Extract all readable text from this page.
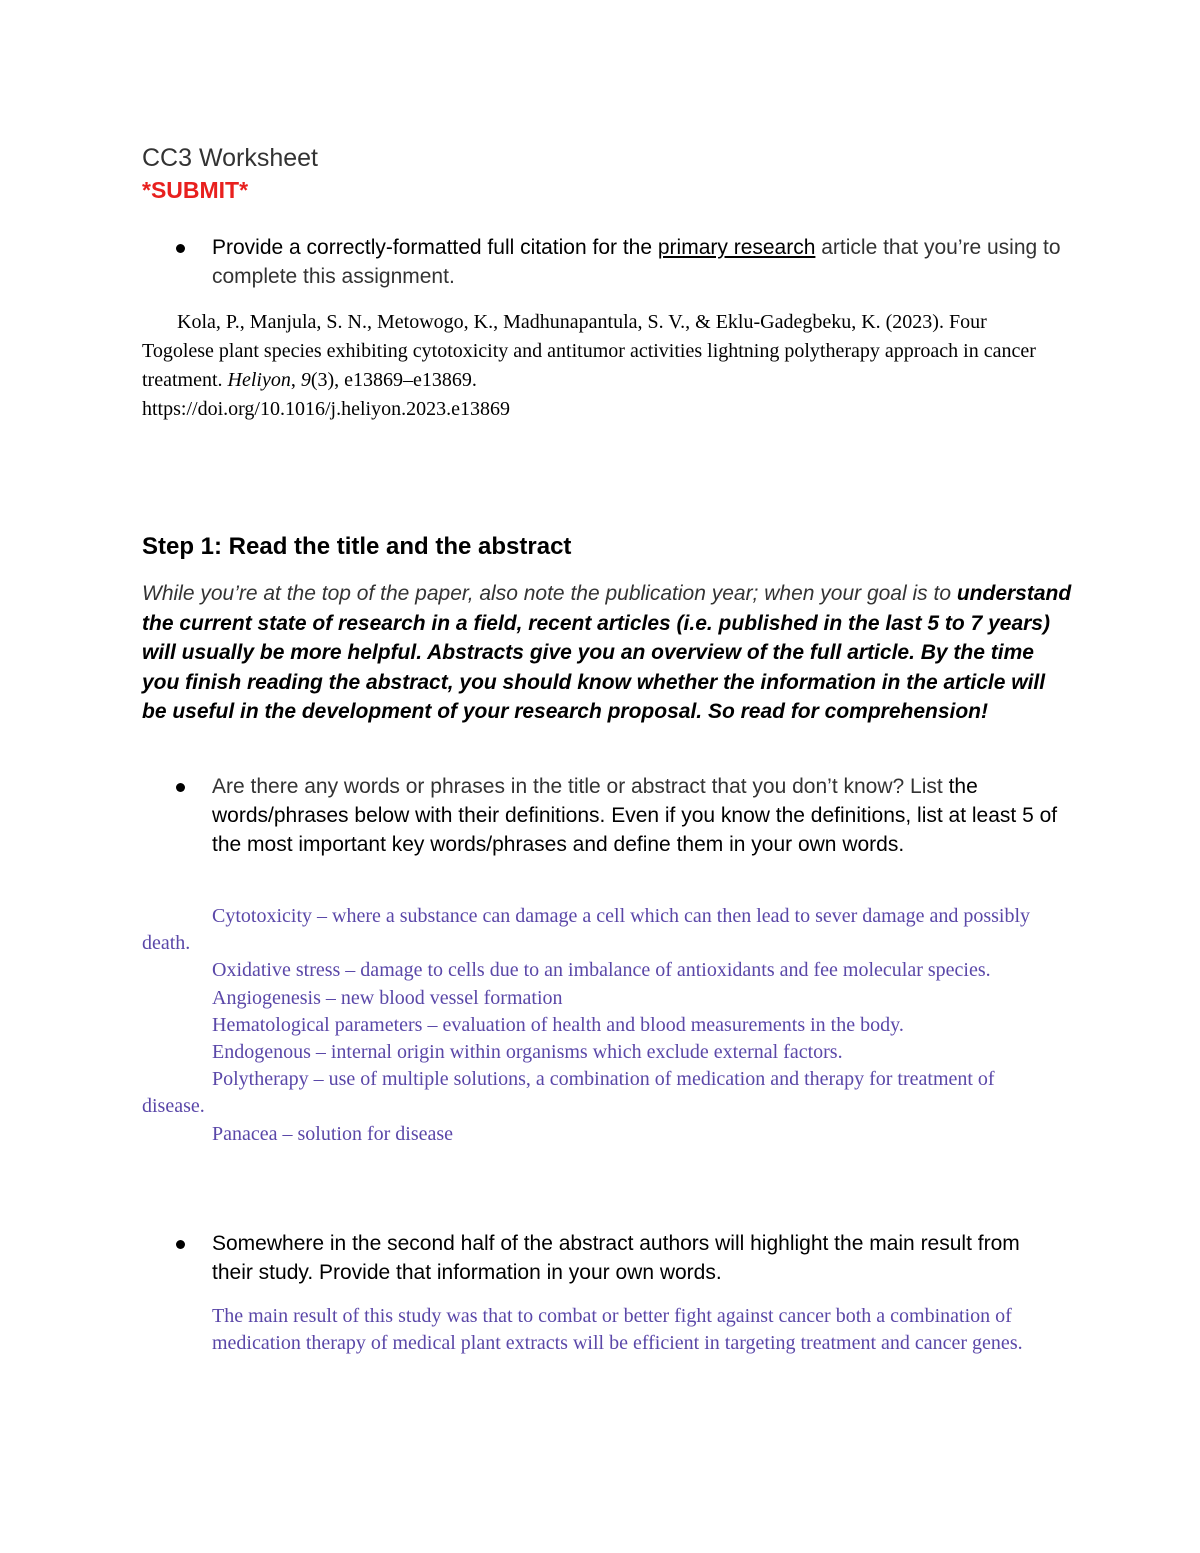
CC3 Worksheet
*SUBMIT*
Provide a correctly-formatted full citation for the primary research article that you’re using to complete this assignment.

Kola, P., Manjula, S. N., Metowogo, K., Madhunapantula, S. V., & Eklu-Gadegbeku, K. (2023). Four Togolese plant species exhibiting cytotoxicity and antitumor activities lightning polytherapy approach in cancer treatment. Heliyon, 9(3), e13869–e13869.

https://doi.org/10.1016/j.heliyon.2023.e13869

Step 1: Read the title and the abstract
While you’re at the top of the paper, also note the publication year; when your goal is to understand the current state of research in a field, recent articles (i.e. published in the last 5 to 7 years) will usually be more helpful. Abstracts give you an overview of the full article. By the time you finish reading the abstract, you should know whether the information in the article will be useful in the development of your research proposal. So read for comprehension!
Are there any words or phrases in the title or abstract that you don’t know? List the words/phrases below with their definitions. Even if you know the definitions, list at least 5 of the most important key words/phrases and define them in your own words.

Cytotoxicity – where a substance can damage a cell which can then lead to sever damage and possibly death.

Oxidative stress – damage to cells due to an imbalance of antioxidants and fee molecular species.

Angiogenesis – new blood vessel formation

Hematological parameters – evaluation of health and blood measurements in the body.

Endogenous – internal origin within organisms which exclude external factors.

Polytherapy – use of multiple solutions, a combination of medication and therapy for treatment of disease.

Panacea – solution for disease

Somewhere in the second half of the abstract authors will highlight the main result from their study. Provide that information in your own words.

The main result of this study was that to combat or better fight against cancer both a combination of medication therapy of medical plant extracts will be efficient in targeting treatment and cancer genes.
